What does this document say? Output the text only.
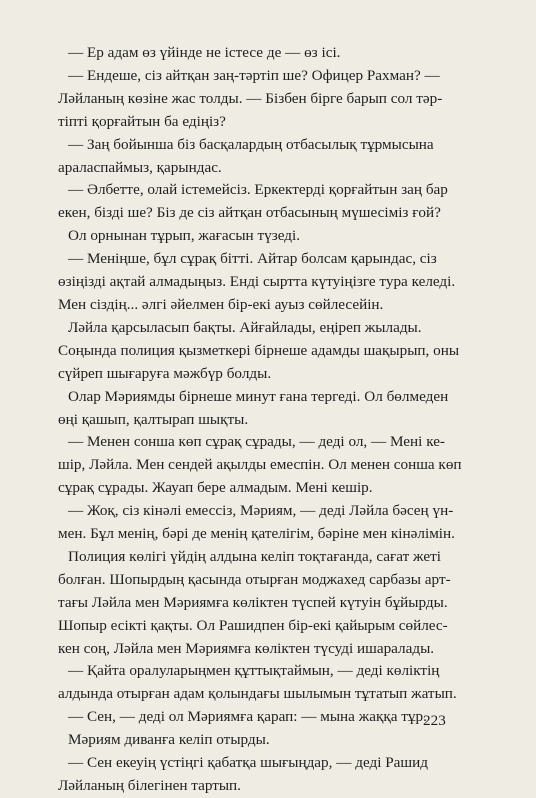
— Ер адам өз үйінде не істесе де — өз ісі.
— Ендеше, сіз айтқан заң-тәртіп ше? Офицер Рахман? —
Ләйланың көзіне жас толды. — Бізбен бірге барып сол тәр-
тіпті қорғайтын ба едіңіз?
— Заң бойынша біз басқалардың отбасылық тұрмысына
араласпаймыз, қарындас.
— Әлбетте, олай істемейсіз. Еркектерді қорғайтын заң бар
екен, бізді ше? Біз де сіз айтқан отбасының мүшесіміз ғой?
Ол орнынан тұрып, жағасын түзеді.
— Меніңше, бұл сұрақ бітті. Айтар болсам қарындас, сіз
өзіңізді ақтай алмадыңыз. Енді сыртта күтуіңізге тура келеді.
Мен сіздің... әлгі әйелмен бір-екі ауыз сөйлесейін.
Ләйла қарсыласып бақты. Айғайлады, еңіреп жылады.
Соңында полиция қызметкері бірнеше адамды шақырып, оны
сүйреп шығаруға мәжбүр болды.
Олар Мәриямды бірнеше минут ғана тергеді. Ол бөлмеден
өңі қашып, қалтырап шықты.
— Менен сонша көп сұрақ сұрады, — деді ол, — Мені ке-
шір, Ләйла. Мен сендей ақылды емеспін. Ол менен сонша көп
сұрақ сұрады. Жауап бере алмадым. Мені кешір.
— Жоқ, сіз кінәлі емессіз, Мәриям, — деді Ләйла бәсең үн-
мен. Бұл менің, бәрі де менің қателігім, бәріне мен кінәлімін.
Полиция көлігі үйдің алдына келіп тоқтағанда, сағат жеті
болған. Шопырдың қасында отырған моджахед сарбазы арт-
тағы Ләйла мен Мәриямға көліктен түспей күтуін бұйырды.
Шопыр есікті қақты. Ол Рашидпен бір-екі қайырым сөйлес-
кен соң, Ләйла мен Мәриямға көліктен түсуді ишаралады.
— Қайта оралуларыңмен құттықтаймын, — деді көліктің
алдында отырған адам қолындағы шылымын тұтатып жатып.
— Сен, — деді ол Мәриямға қарап: — мына жаққа тұр.
Мәриям диванға келіп отырды.
— Сен екеуің үстіңгі қабатқа шығыңдар, — деді Рашид
Ләйланың білегінен тартып.
223
